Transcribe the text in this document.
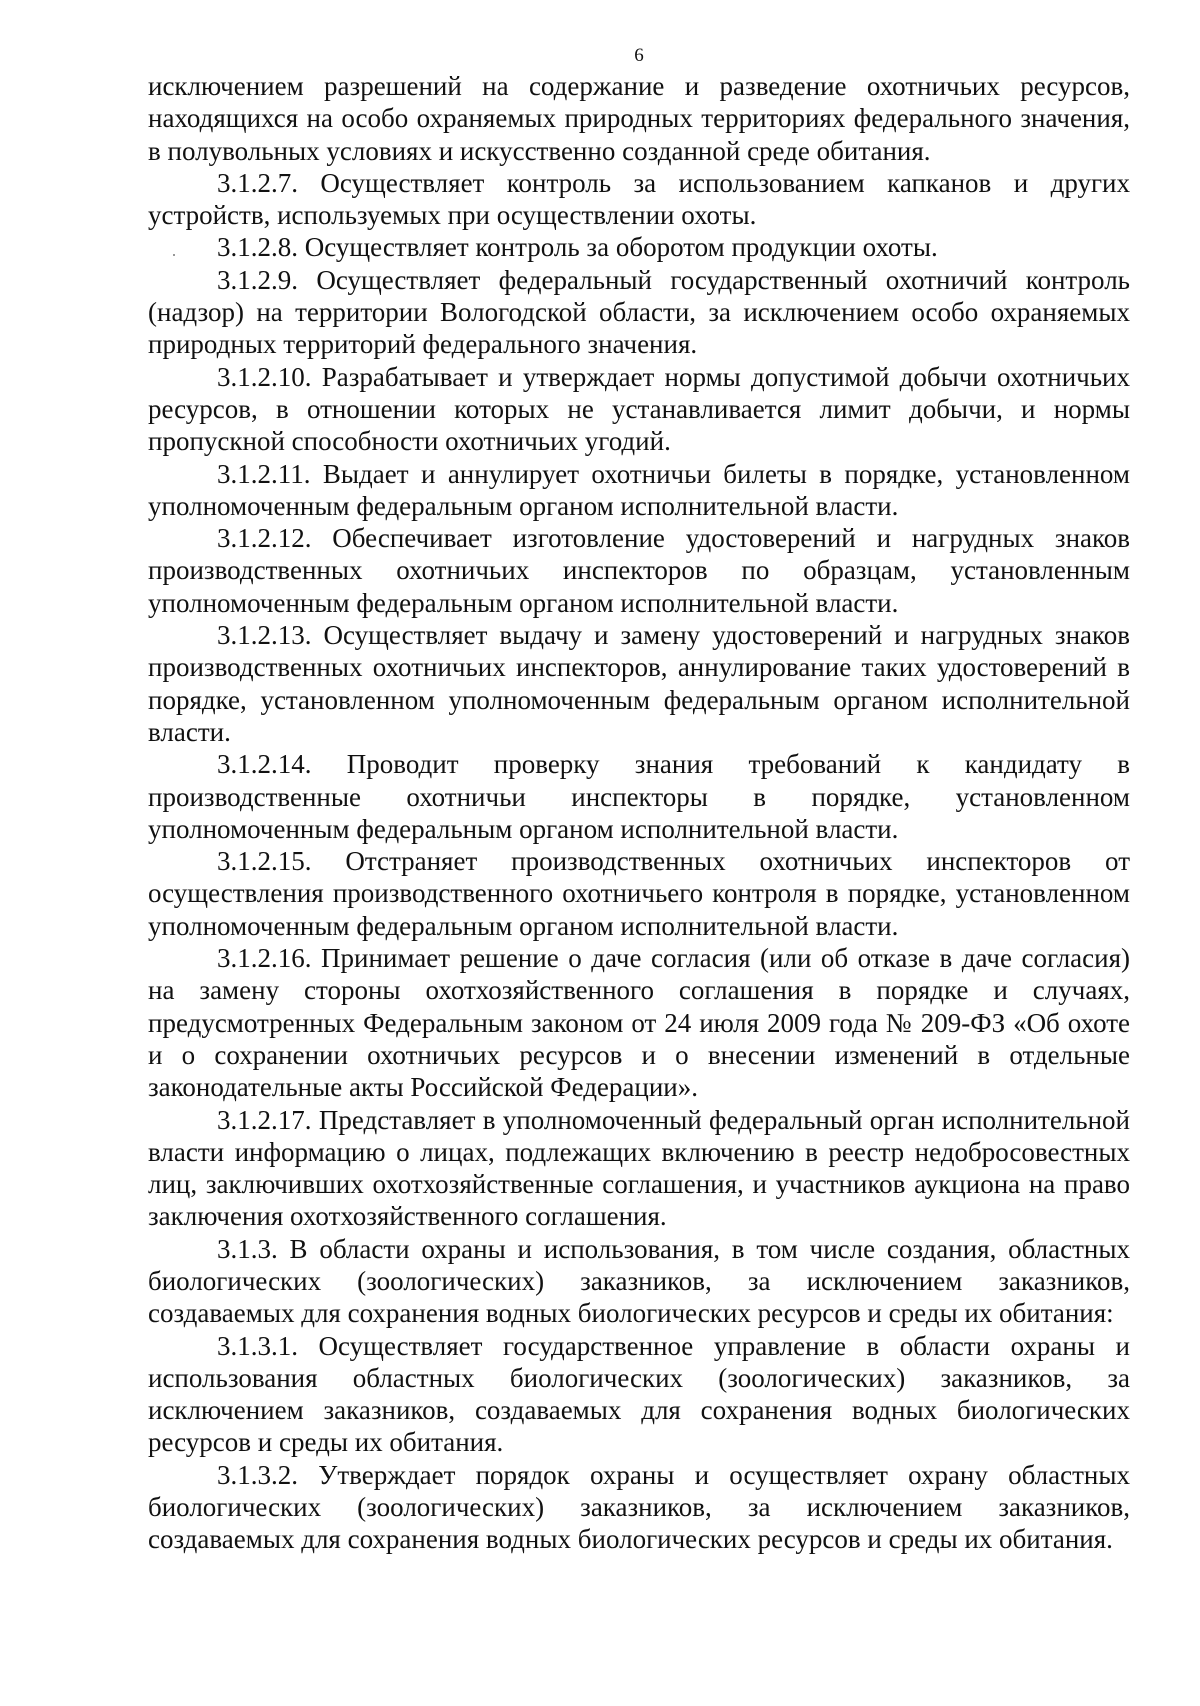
6

исключением разрешений на содержание и разведение охотничьих ресурсов, находящихся на особо охраняемых природных территориях федерального значения, в полувольных условиях и искусственно созданной среде обитания.

3.1.2.7. Осуществляет контроль за использованием капканов и других устройств, используемых при осуществлении охоты.

3.1.2.8. Осуществляет контроль за оборотом продукции охоты.

3.1.2.9. Осуществляет федеральный государственный охотничий контроль (надзор) на территории Вологодской области, за исключением особо охраняемых природных территорий федерального значения.

3.1.2.10. Разрабатывает и утверждает нормы допустимой добычи охотничьих ресурсов, в отношении которых не устанавливается лимит добычи, и нормы пропускной способности охотничьих угодий.

3.1.2.11. Выдает и аннулирует охотничьи билеты в порядке, установленном уполномоченным федеральным органом исполнительной власти.

3.1.2.12. Обеспечивает изготовление удостоверений и нагрудных знаков производственных охотничьих инспекторов по образцам, установленным уполномоченным федеральным органом исполнительной власти.

3.1.2.13. Осуществляет выдачу и замену удостоверений и нагрудных знаков производственных охотничьих инспекторов, аннулирование таких удостоверений в порядке, установленном уполномоченным федеральным органом исполнительной власти.

3.1.2.14. Проводит проверку знания требований к кандидату в производственные охотничьи инспекторы в порядке, установленном уполномоченным федеральным органом исполнительной власти.

3.1.2.15. Отстраняет производственных охотничьих инспекторов от осуществления производственного охотничьего контроля в порядке, установленном уполномоченным федеральным органом исполнительной власти.

3.1.2.16. Принимает решение о даче согласия (или об отказе в даче согласия) на замену стороны охотхозяйственного соглашения в порядке и случаях, предусмотренных Федеральным законом от 24 июля 2009 года № 209-ФЗ «Об охоте и о сохранении охотничьих ресурсов и о внесении изменений в отдельные законодательные акты Российской Федерации».

3.1.2.17. Представляет в уполномоченный федеральный орган исполнительной власти информацию о лицах, подлежащих включению в реестр недобросовестных лиц, заключивших охотхозяйственные соглашения, и участников аукциона на право заключения охотхозяйственного соглашения.

3.1.3. В области охраны и использования, в том числе создания, областных биологических (зоологических) заказников, за исключением заказников, создаваемых для сохранения водных биологических ресурсов и среды их обитания:

3.1.3.1. Осуществляет государственное управление в области охраны и использования областных биологических (зоологических) заказников, за исключением заказников, создаваемых для сохранения водных биологических ресурсов и среды их обитания.

3.1.3.2. Утверждает порядок охраны и осуществляет охрану областных биологических (зоологических) заказников, за исключением заказников, создаваемых для сохранения водных биологических ресурсов и среды их обитания.
